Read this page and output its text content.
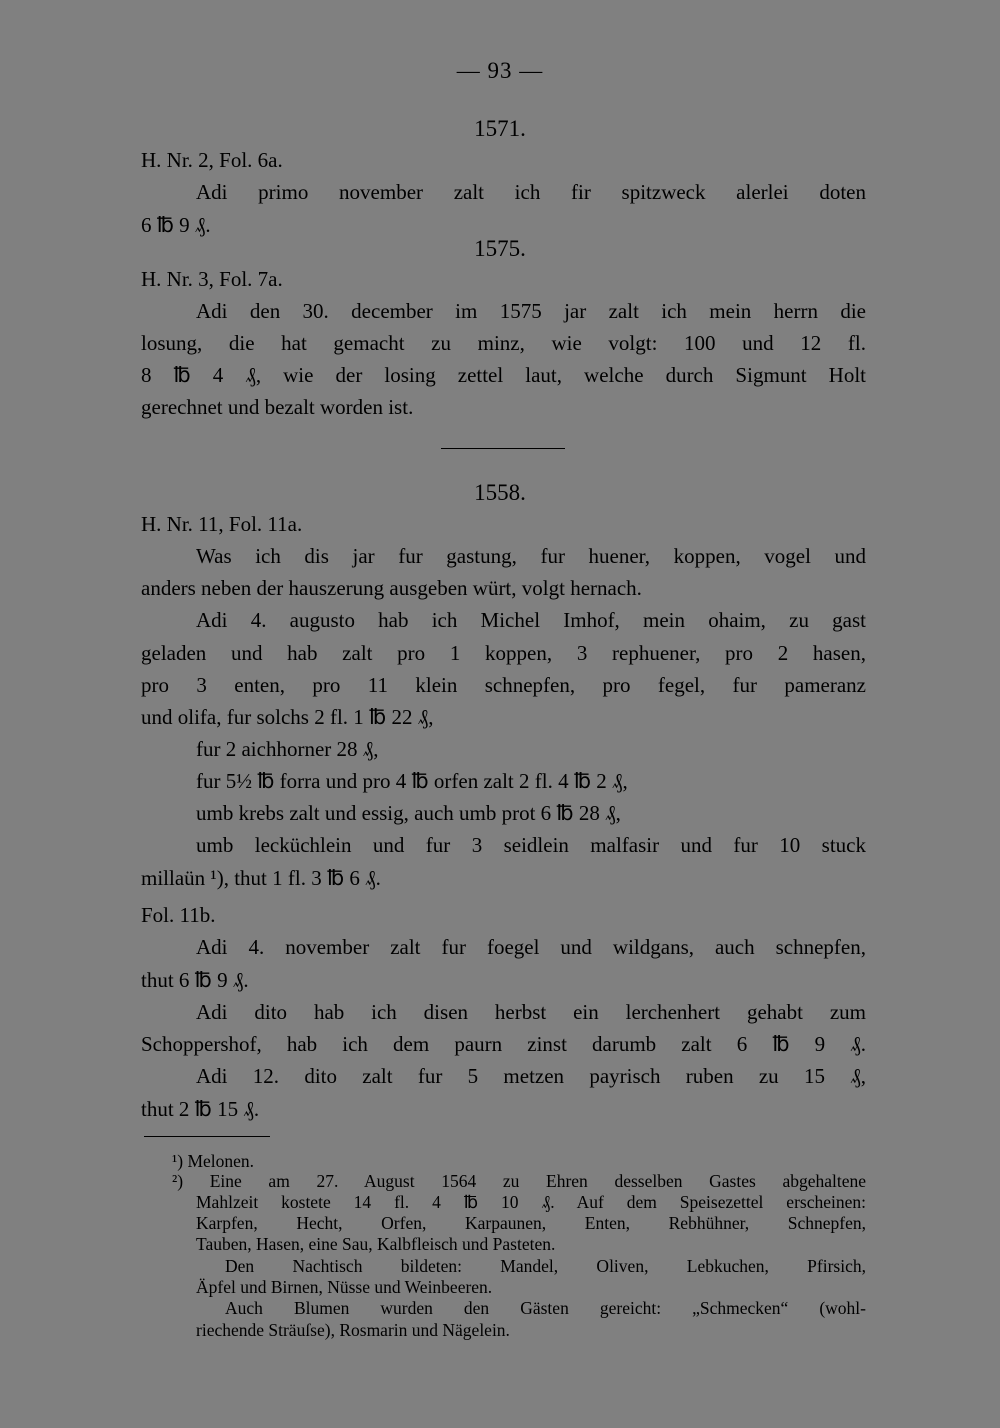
— 93 —
1571.
H. Nr. 2, Fol. 6a.
Adi primo november zalt ich fir spitzweck alerlei doten
6 ℔ 9 ₰.
1575.
H. Nr. 3, Fol. 7a.
Adi den 30. december im 1575 jar zalt ich mein herrn die
losung, die hat gemacht zu minz, wie volgt: 100 und 12 fl.
8 ℔ 4 ₰, wie der losing zettel laut, welche durch Sigmunt Holt
gerechnet und bezalt worden ist.
1558.
H. Nr. 11, Fol. 11a.
Was ich dis jar fur gastung, fur huener, koppen, vogel und
anders neben der hauszerung ausgeben würt, volgt hernach.
Adi 4. augusto hab ich Michel Imhof, mein ohaim, zu gast
geladen und hab zalt pro 1 koppen, 3 rephuener, pro 2 hasen,
pro 3 enten, pro 11 klein schnepfen, pro fegel, fur pameranz
und olifa, fur solchs 2 fl. 1 ℔ 22 ₰,
fur 2 aichhorner 28 ₰,
fur 5½ ℔ forra und pro 4 ℔ orfen zalt 2 fl. 4 ℔ 2 ₰,
umb krebs zalt und essig, auch umb prot 6 ℔ 28 ₰,
umb lecküchlein und fur 3 seidlein malfasir und fur 10 stuck
millaün ¹), thut 1 fl. 3 ℔ 6 ₰.
Fol. 11b.
Adi 4. november zalt fur foegel und wildgans, auch schnepfen,
thut 6 ℔ 9 ₰.
Adi dito hab ich disen herbst ein lerchenhert gehabt zum
Schoppershof, hab ich dem paurn zinst darumb zalt 6 ℔ 9 ₰.
Adi 12. dito zalt fur 5 metzen payrisch ruben zu 15 ₰,
thut 2 ℔ 15 ₰.
¹) Melonen.
²) Eine am 27. August 1564 zu Ehren desselben Gastes abgehaltene
Mahlzeit kostete 14 fl. 4 ℔ 10 ₰. Auf dem Speisezettel erscheinen:
Karpfen, Hecht, Orfen, Karpaunen, Enten, Rebhühner, Schnepfen,
Tauben, Hasen, eine Sau, Kalbfleisch und Pasteten.
Den Nachtisch bildeten: Mandel, Oliven, Lebkuchen, Pfirsich,
Äpfel und Birnen, Nüsse und Weinbeeren.
Auch Blumen wurden den Gästen gereicht: „Schmecken“ (wohl-
riechende Sträuſse), Rosmarin und Nägelein.
